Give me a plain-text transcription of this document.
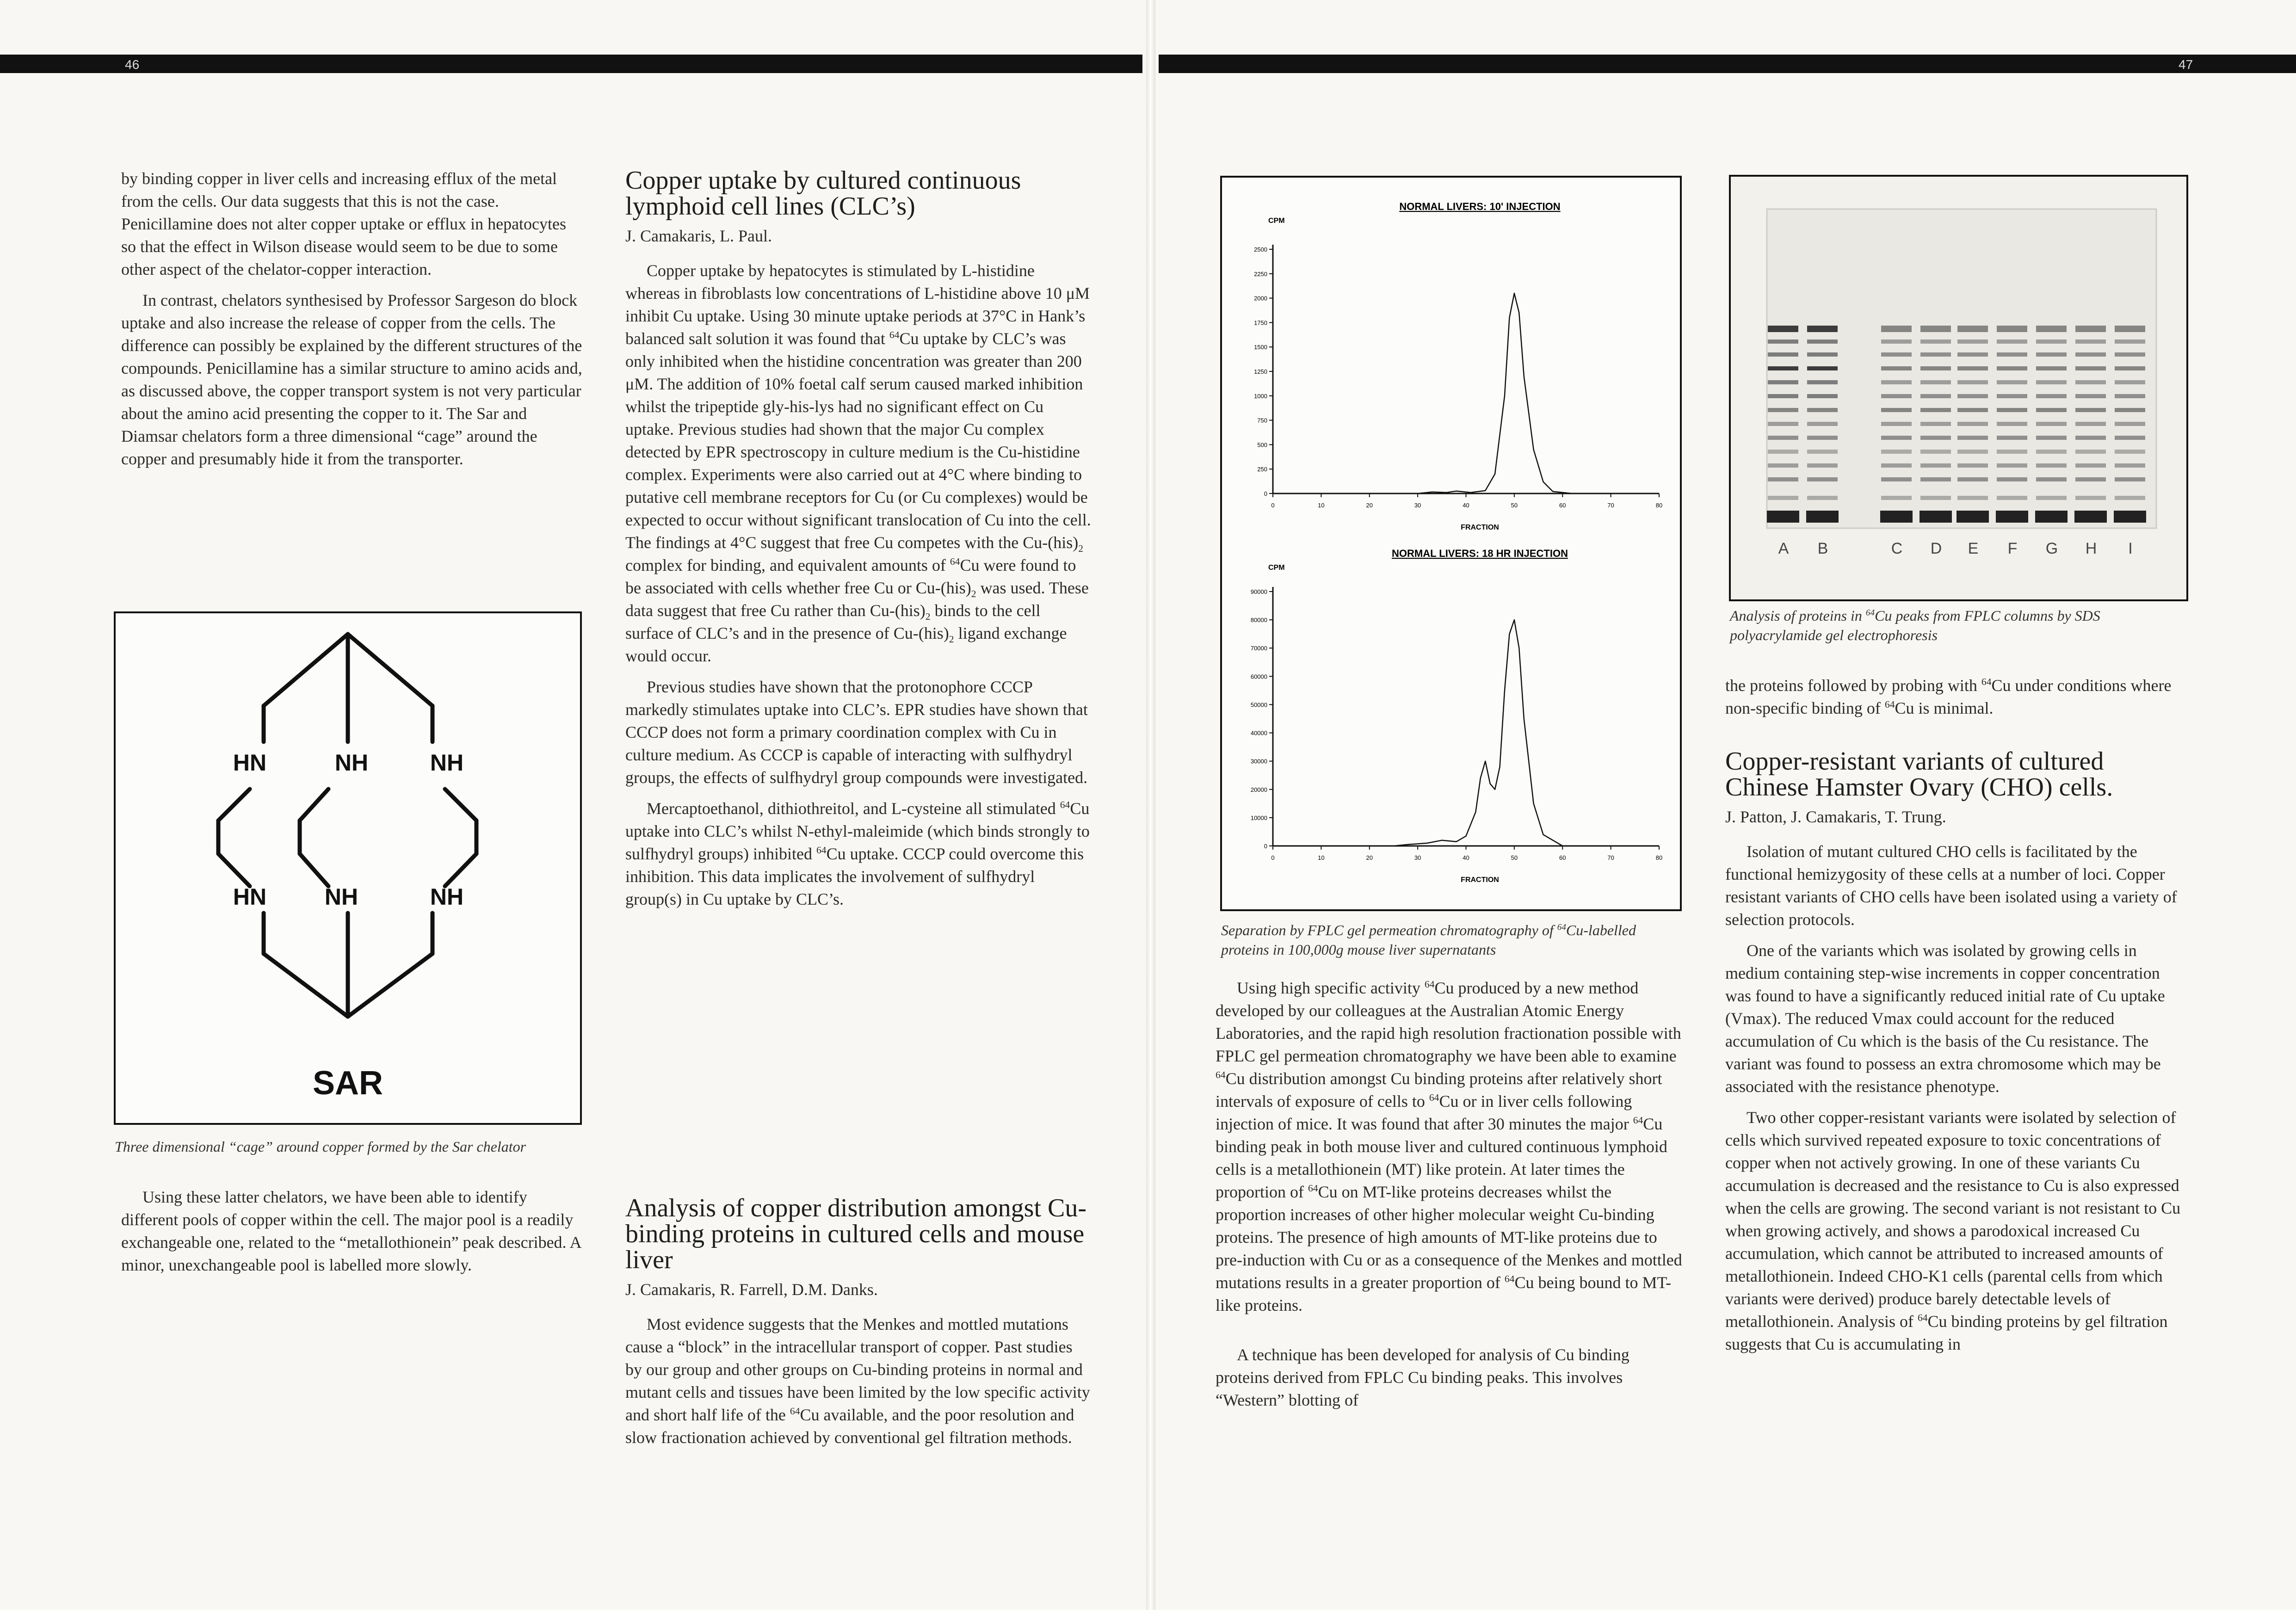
46	47

by binding copper in liver cells and increasing efflux of the metal from the cells. Our data suggests that this is not the case. Penicillamine does not alter copper uptake or efflux in hepatocytes so that the effect in Wilson disease would seem to be due to some other aspect of the chelator-copper interaction.

In contrast, chelators synthesised by Professor Sargeson do block uptake and also increase the release of copper from the cells. The difference can possibly be explained by the different structures of the compounds. Penicillamine has a similar structure to amino acids and, as discussed above, the copper transport system is not very particular about the amino acid presenting the copper to it. The Sar and Diamsar chelators form a three dimensional “cage” around the copper and presumably hide it from the transporter.

HN	NH	NH
HN	NH	NH
SAR
Three dimensional “cage” around copper formed by the Sar chelator

Using these latter chelators, we have been able to identify different pools of copper within the cell. The major pool is a readily exchangeable one, related to the “metallothionein” peak described. A minor, unexchangeable pool is labelled more slowly.

Copper uptake by cultured continuous lymphoid cell lines (CLC’s)
J. Camakaris, L. Paul.

Copper uptake by hepatocytes is stimulated by L-histidine whereas in fibroblasts low concentrations of L-histidine above 10 μM inhibit Cu uptake. Using 30 minute uptake periods at 37°C in Hank’s balanced salt solution it was found that $^{64}$Cu uptake by CLC’s was only inhibited when the histidine concentration was greater than 200 μM. The addition of 10% foetal calf serum caused marked inhibition whilst the tripeptide gly-his-lys had no significant effect on Cu uptake. Previous studies had shown that the major Cu complex detected by EPR spectroscopy in culture medium is the Cu-histidine complex. Experiments were also carried out at 4°C where binding to putative cell membrane receptors for Cu (or Cu complexes) would be expected to occur without significant translocation of Cu into the cell. The findings at 4°C suggest that free Cu competes with the $Cu-(his)_2$ complex for binding, and equivalent amounts of $^{64}$Cu were found to be associated with cells whether free Cu or $Cu-(his)_2$ was used. These data suggest that free Cu rather than $Cu-(his)_2$ binds to the cell surface of CLC’s and in the presence of $Cu-(his)_2$ ligand exchange would occur.

Previous studies have shown that the protonophore CCCP markedly stimulates uptake into CLC’s. EPR studies have shown that CCCP does not form a primary coordination complex with Cu in culture medium. As CCCP is capable of interacting with sulfhydryl groups, the effects of sulfhydryl group compounds were investigated.

Mercaptoethanol, dithiothreitol, and L-cysteine all stimulated $^{64}$Cu uptake into CLC’s whilst N-ethyl-maleimide (which binds strongly to sulfhydryl groups) inhibited $^{64}$Cu uptake. CCCP could overcome this inhibition. This data implicates the involvement of sulfhydryl group(s) in Cu uptake by CLC’s.

Analysis of copper distribution amongst Cu-binding proteins in cultured cells and mouse liver
J. Camakaris, R. Farrell, D.M. Danks.

Most evidence suggests that the Menkes and mottled mutations cause a “block” in the intracellular transport of copper. Past studies by our group and other groups on Cu-binding proteins in normal and mutant cells and tissues have been limited by the low specific activity and short half life of the $^{64}$Cu available, and the poor resolution and slow fractionation achieved by conventional gel filtration methods.

NORMAL LIVERS: 10' INJECTION
CPM
0
250
500
750
1000
1250
1500
1750
2000
2250
2500
0	10	20	30	40	50	60	70	80
FRACTION
NORMAL LIVERS: 18 HR INJECTION
CPM
0
10000
20000
30000
40000
50000
60000
70000
80000
90000
0	10	20	30	40	50	60	70	80
FRACTION
Separation by FPLC gel permeation chromatography of $^{64}$Cu-labelled proteins in 100,000g mouse liver supernatants

Using high specific activity $^{64}$Cu produced by a new method developed by our colleagues at the Australian Atomic Energy Laboratories, and the rapid high resolution fractionation possible with FPLC gel permeation chromatography we have been able to examine $^{64}$Cu distribution amongst Cu binding proteins after relatively short intervals of exposure of cells to $^{64}$Cu or in liver cells following injection of mice. It was found that after 30 minutes the major $^{64}$Cu binding peak in both mouse liver and cultured continuous lymphoid cells is a metallothionein (MT) like protein. At later times the proportion of $^{64}$Cu on MT-like proteins decreases whilst the proportion increases of other higher molecular weight Cu-binding proteins. The presence of high amounts of MT-like proteins due to pre-induction with Cu or as a consequence of the Menkes and mottled mutations results in a greater proportion of $^{64}$Cu being bound to MT-like proteins.

A technique has been developed for analysis of Cu binding proteins derived from FPLC Cu binding peaks. This involves “Western” blotting of

A B	C D E F G H I
Analysis of proteins in $^{64}$Cu peaks from FPLC columns by SDS polyacrylamide gel electrophoresis

the proteins followed by probing with $^{64}$Cu under conditions where non-specific binding of $^{64}$Cu is minimal.

Copper-resistant variants of cultured Chinese Hamster Ovary (CHO) cells.
J. Patton, J. Camakaris, T. Trung.

Isolation of mutant cultured CHO cells is facilitated by the functional hemizygosity of these cells at a number of loci. Copper resistant variants of CHO cells have been isolated using a variety of selection protocols.

One of the variants which was isolated by growing cells in medium containing step-wise increments in copper concentration was found to have a significantly reduced initial rate of Cu uptake (Vmax). The reduced Vmax could account for the reduced accumulation of Cu which is the basis of the Cu resistance. The variant was found to possess an extra chromosome which may be associated with the resistance phenotype.

Two other copper-resistant variants were isolated by selection of cells which survived repeated exposure to toxic concentrations of copper when not actively growing. In one of these variants Cu accumulation is decreased and the resistance to Cu is also expressed when the cells are growing. The second variant is not resistant to Cu when growing actively, and shows a parodoxical increased Cu accumulation, which cannot be attributed to increased amounts of metallothionein. Indeed CHO-K1 cells (parental cells from which variants were derived) produce barely detectable levels of metallothionein. Analysis of $^{64}$Cu binding proteins by gel filtration suggests that Cu is accumulating in
